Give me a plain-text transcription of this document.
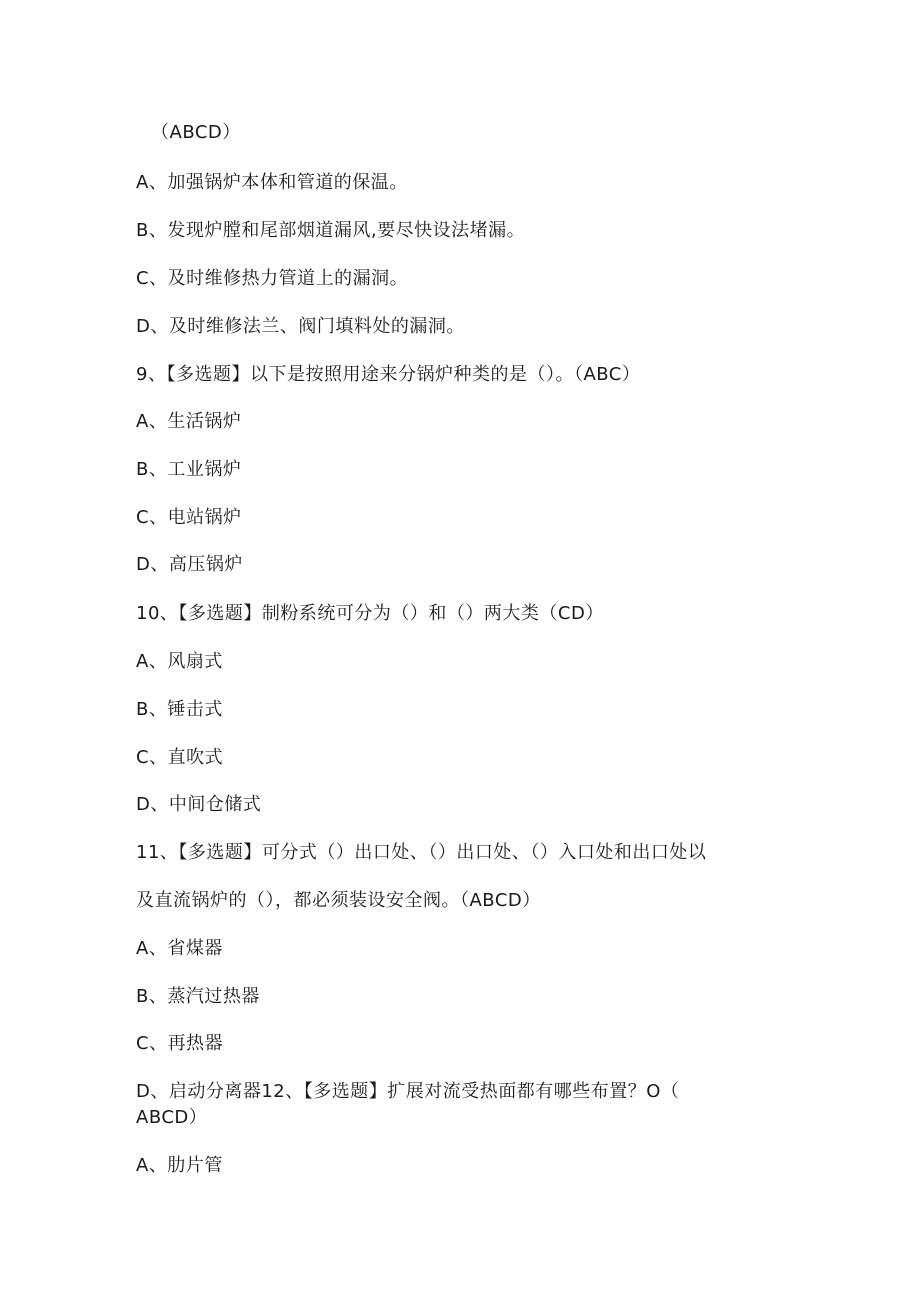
（ABCD）

A、加强锅炉本体和管道的保温。

B、发现炉膛和尾部烟道漏风,要尽快设法堵漏。

C、及时维修热力管道上的漏洞。

D、及时维修法兰、阀门填料处的漏洞。

9、【多选题】以下是按照用途来分锅炉种类的是（）。（ABC）

A、生活锅炉

B、工业锅炉

C、电站锅炉

D、高压锅炉

10、【多选题】制粉系统可分为（）和（）两大类（CD）

A、风扇式

B、锤击式

C、直吹式

D、中间仓储式

11、【多选题】可分式（）出口处、（）出口处、（）入口处和出口处以

及直流锅炉的（），都必须装设安全阀。（ABCD）

A、省煤器

B、蒸汽过热器

C、再热器

D、启动分离器12、【多选题】扩展对流受热面都有哪些布置？O（

ABCD）

A、肋片管
